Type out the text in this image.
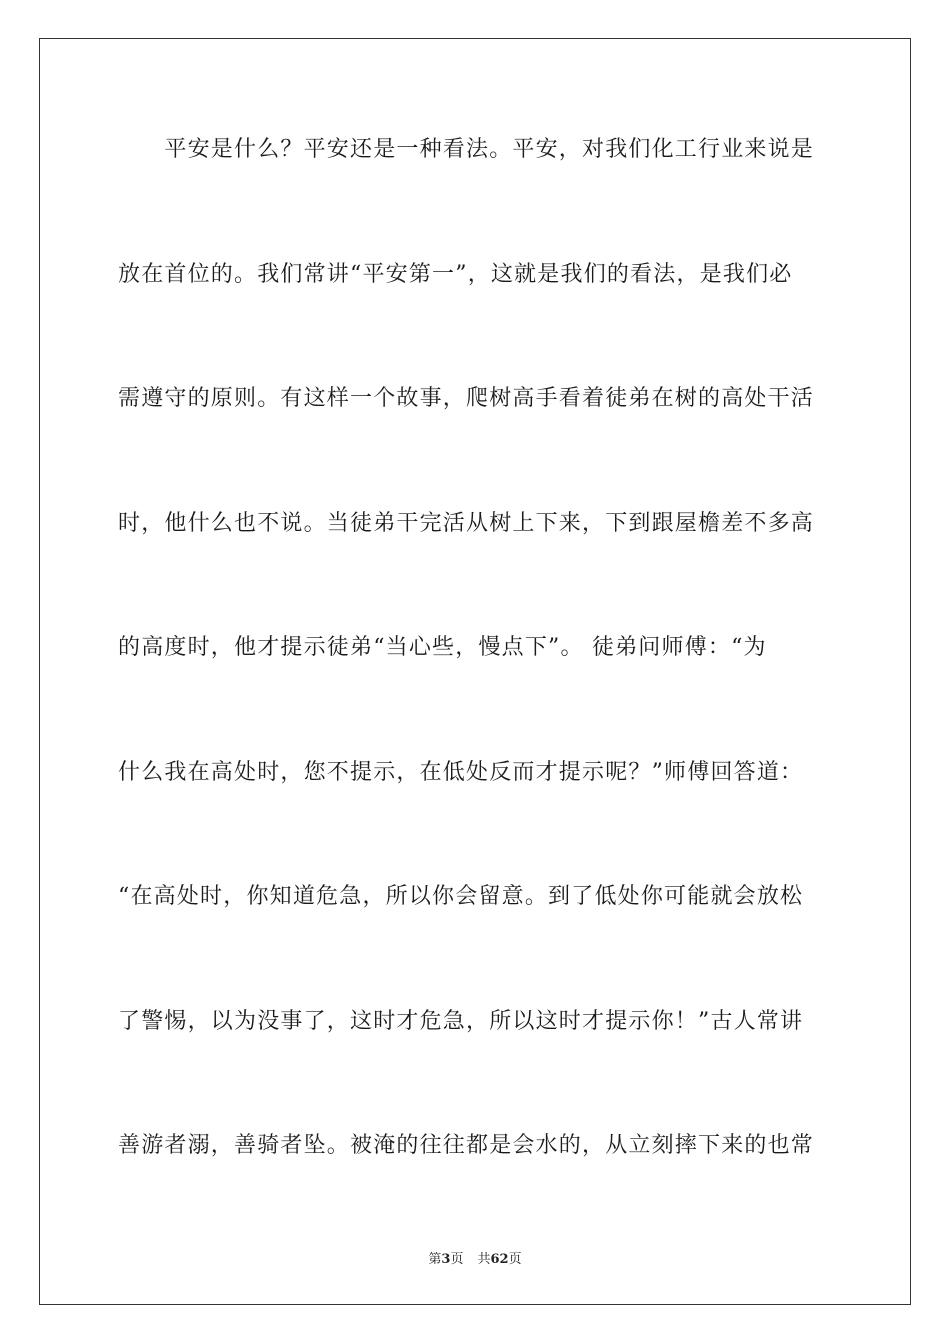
　　平安是什么？平安还是一种看法。平安，对我们化工行业来说是
放在首位的。我们常讲“平安第一”，这就是我们的看法，是我们必
需遵守的原则。有这样一个故事，爬树高手看着徒弟在树的高处干活
时，他什么也不说。当徒弟干完活从树上下来，下到跟屋檐差不多高
的高度时，他才提示徒弟“当心些，慢点下”。 徒弟问师傅：“为
什么我在高处时，您不提示，在低处反而才提示呢？”师傅回答道：
“在高处时，你知道危急，所以你会留意。到了低处你可能就会放松
了警惕，以为没事了，这时才危急，所以这时才提示你！”古人常讲
善游者溺，善骑者坠。被淹的往往都是会水的，从立刻摔下来的也常
第3页 共62页
